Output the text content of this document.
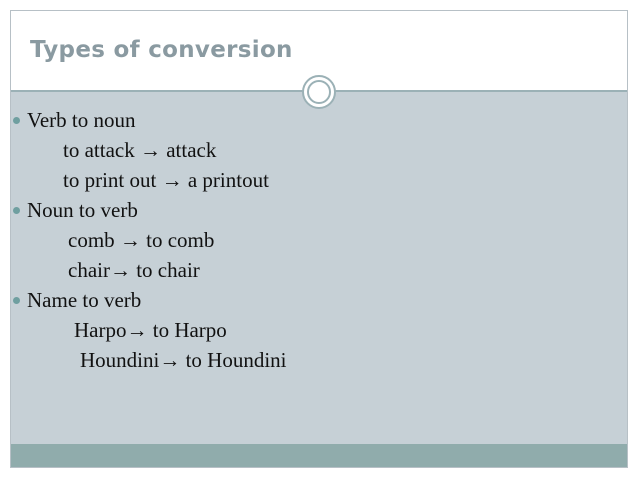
Types of conversion
Verb to noun
to attack → attack
to print out → a printout
Noun to verb
comb → to comb
chair→ to chair
Name to verb
Harpo→ to Harpo
Houndini→ to Houndini
